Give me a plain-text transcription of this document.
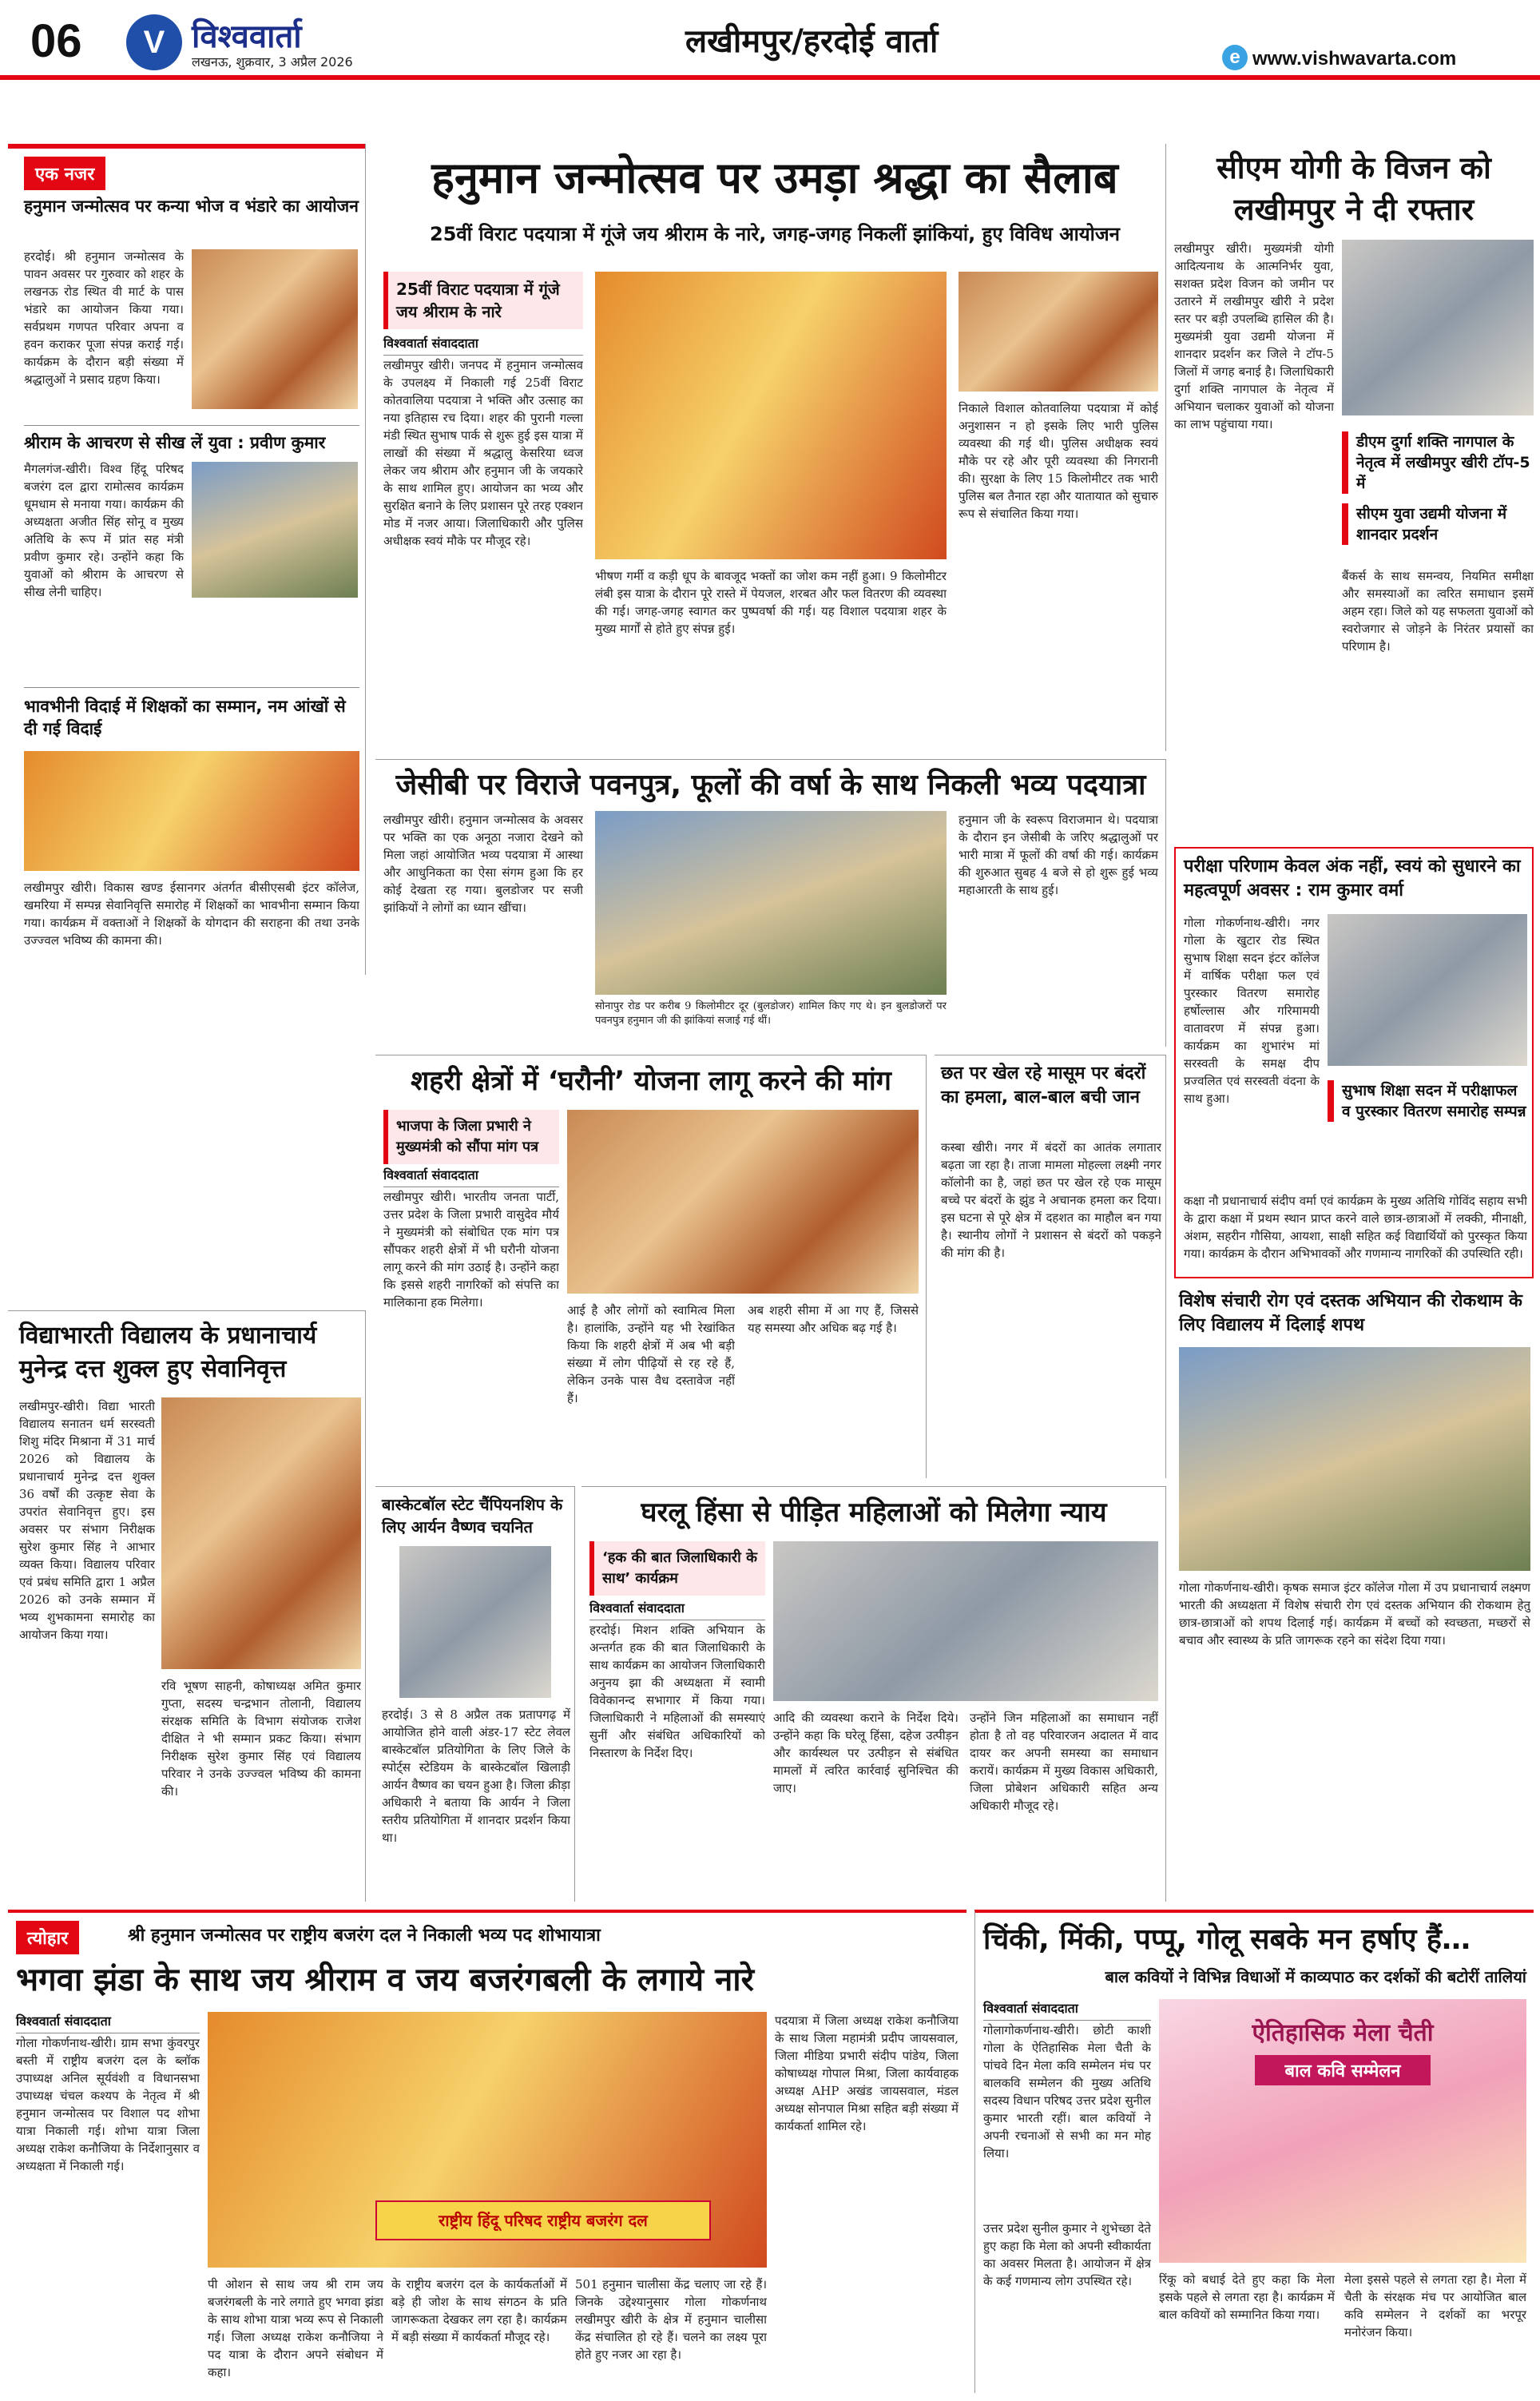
06	V विश्ववार्ता
लखनऊ, शुक्रवार, 3 अप्रैल 2026
लखीमपुर/हरदोई वार्ता	e www.vishwavarta.com
एक नजर
हनुमान जन्मोत्सव पर कन्या भोज व भंडारे का आयोजन
हरदोई। श्री हनुमान जन्मोत्सव के पावन अवसर पर गुरुवार को शहर के लखनऊ रोड स्थित वी मार्ट के पास भंडारे का आयोजन किया गया। सर्वप्रथम गणपत परिवार अपना व हवन कराकर पूजा संपन्न कराई गई। कार्यक्रम के दौरान बड़ी संख्या में श्रद्धालुओं ने प्रसाद ग्रहण किया।
श्रीराम के आचरण से सीख लें युवा : प्रवीण कुमार
मैगलगंज-खीरी। विश्व हिंदू परिषद बजरंग दल द्वारा रामोत्सव कार्यक्रम धूमधाम से मनाया गया। कार्यक्रम की अध्यक्षता अजीत सिंह सोनू व मुख्य अतिथि के रूप में प्रांत सह मंत्री प्रवीण कुमार रहे। उन्होंने कहा कि युवाओं को श्रीराम के आचरण से सीख लेनी चाहिए।
भावभीनी विदाई में शिक्षकों का सम्मान, नम आंखों से दी गई विदाई
लखीमपुर खीरी। विकास खण्ड ईसानगर अंतर्गत बीसीएसबी इंटर कॉलेज, खमरिया में सम्पन्न सेवानिवृत्ति समारोह में शिक्षकों का भावभीना सम्मान किया गया। कार्यक्रम में वक्ताओं ने शिक्षकों के योगदान की सराहना की तथा उनके उज्ज्वल भविष्य की कामना की।
हनुमान जन्मोत्सव पर उमड़ा श्रद्धा का सैलाब
25वीं विराट पदयात्रा में गूंजे जय श्रीराम के नारे, जगह-जगह निकलीं झांकियां, हुए विविध आयोजन
25वीं विराट पदयात्रा में गूंजे जय श्रीराम के नारे
विश्ववार्ता संवाददाता
लखीमपुर खीरी। जनपद में हनुमान जन्मोत्सव के उपलक्ष्य में निकाली गई 25वीं विराट कोतवालिया पदयात्रा ने भक्ति और उत्साह का नया इतिहास रच दिया। शहर की पुरानी गल्ला मंडी स्थित सुभाष पार्क से शुरू हुई इस यात्रा में लाखों की संख्या में श्रद्धालु केसरिया ध्वज लेकर जय श्रीराम और हनुमान जी के जयकारे के साथ शामिल हुए। आयोजन का भव्य और सुरक्षित बनाने के लिए प्रशासन पूरे तरह एक्शन मोड में नजर आया। जिलाधिकारी और पुलिस अधीक्षक स्वयं मौके पर मौजूद रहे।
भीषण गर्मी व कड़ी धूप के बावजूद भक्तों का जोश कम नहीं हुआ। 9 किलोमीटर लंबी इस यात्रा के दौरान पूरे रास्ते में पेयजल, शरबत और फल वितरण की व्यवस्था की गई। जगह-जगह स्वागत कर पुष्पवर्षा की गई। यह विशाल पदयात्रा शहर के मुख्य मार्गों से होते हुए संपन्न हुई।
निकाले विशाल कोतवालिया पदयात्रा में कोई अनुशासन न हो इसके लिए भारी पुलिस व्यवस्था की गई थी। पुलिस अधीक्षक स्वयं मौके पर रहे और पूरी व्यवस्था की निगरानी की। सुरक्षा के लिए 15 किलोमीटर तक भारी पुलिस बल तैनात रहा और यातायात को सुचारु रूप से संचालित किया गया।
सीएम योगी के विजन को लखीमपुर ने दी रफ्तार
लखीमपुर खीरी। मुख्यमंत्री योगी आदित्यनाथ के आत्मनिर्भर युवा, सशक्त प्रदेश विजन को जमीन पर उतारने में लखीमपुर खीरी ने प्रदेश स्तर पर बड़ी उपलब्धि हासिल की है। मुख्यमंत्री युवा उद्यमी योजना में शानदार प्रदर्शन कर जिले ने टॉप-5 जिलों में जगह बनाई है। जिलाधिकारी दुर्गा शक्ति नागपाल के नेतृत्व में अभियान चलाकर युवाओं को योजना का लाभ पहुंचाया गया।
डीएम दुर्गा शक्ति नागपाल के नेतृत्व में लखीमपुर खीरी टॉप-5 में
सीएम युवा उद्यमी योजना में शानदार प्रदर्शन
बैंकर्स के साथ समन्वय, नियमित समीक्षा और समस्याओं का त्वरित समाधान इसमें अहम रहा। जिले को यह सफलता युवाओं को स्वरोजगार से जोड़ने के निरंतर प्रयासों का परिणाम है।
जेसीबी पर विराजे पवनपुत्र, फूलों की वर्षा के साथ निकली भव्य पदयात्रा
लखीमपुर खीरी। हनुमान जन्मोत्सव के अवसर पर भक्ति का एक अनूठा नजारा देखने को मिला जहां आयोजित भव्य पदयात्रा में आस्था और आधुनिकता का ऐसा संगम हुआ कि हर कोई देखता रह गया। बुलडोजर पर सजी झांकियों ने लोगों का ध्यान खींचा।
सोनापुर रोड पर करीब 9 किलोमीटर दूर (बुलडोजर) शामिल किए गए थे। इन बुलडोजरों पर पवनपुत्र हनुमान जी की झांकियां सजाई गई थीं।
हनुमान जी के स्वरूप विराजमान थे। पदयात्रा के दौरान इन जेसीबी के जरिए श्रद्धालुओं पर भारी मात्रा में फूलों की वर्षा की गई। कार्यक्रम की शुरुआत सुबह 4 बजे से हो शुरू हुई भव्य महाआरती के साथ हुई।
शहरी क्षेत्रों में ‘घरौनी’ योजना लागू करने की मांग
भाजपा के जिला प्रभारी ने मुख्यमंत्री को सौंपा मांग पत्र
विश्ववार्ता संवाददाता
लखीमपुर खीरी। भारतीय जनता पार्टी, उत्तर प्रदेश के जिला प्रभारी वासुदेव मौर्य ने मुख्यमंत्री को संबोधित एक मांग पत्र सौंपकर शहरी क्षेत्रों में भी घरौनी योजना लागू करने की मांग उठाई है। उन्होंने कहा कि इससे शहरी नागरिकों को संपत्ति का मालिकाना हक मिलेगा।
आई है और लोगों को स्वामित्व मिला है। हालांकि, उन्होंने यह भी रेखांकित किया कि शहरी क्षेत्रों में अब भी बड़ी संख्या में लोग पीढ़ियों से रह रहे हैं, लेकिन उनके पास वैध दस्तावेज नहीं हैं।
अब शहरी सीमा में आ गए हैं, जिससे यह समस्या और अधिक बढ़ गई है।
छत पर खेल रहे मासूम पर बंदरों का हमला, बाल-बाल बची जान
कस्बा खीरी। नगर में बंदरों का आतंक लगातार बढ़ता जा रहा है। ताजा मामला मोहल्ला लक्ष्मी नगर कॉलोनी का है, जहां छत पर खेल रहे एक मासूम बच्चे पर बंदरों के झुंड ने अचानक हमला कर दिया। इस घटना से पूरे क्षेत्र में दहशत का माहौल बन गया है। स्थानीय लोगों ने प्रशासन से बंदरों को पकड़ने की मांग की है।
परीक्षा परिणाम केवल अंक नहीं, स्वयं को सुधारने का महत्वपूर्ण अवसर : राम कुमार वर्मा
गोला गोकर्णनाथ-खीरी। नगर गोला के खुटार रोड स्थित सुभाष शिक्षा सदन इंटर कॉलेज में वार्षिक परीक्षा फल एवं पुरस्कार वितरण समारोह हर्षोल्लास और गरिमामयी वातावरण में संपन्न हुआ। कार्यक्रम का शुभारंभ मां सरस्वती के समक्ष दीप प्रज्वलित एवं सरस्वती वंदना के साथ हुआ।	सुभाष शिक्षा सदन में परीक्षाफल व पुरस्कार वितरण समारोह सम्पन्न
कक्षा नौ प्रधानाचार्य संदीप वर्मा एवं कार्यक्रम के मुख्य अतिथि गोविंद सहाय सभी के द्वारा कक्षा में प्रथम स्थान प्राप्त करने वाले छात्र-छात्राओं में लक्की, मीनाक्षी, अंशम, सहरीन गौसिया, आयशा, साक्षी सहित कई विद्यार्थियों को पुरस्कृत किया गया। कार्यक्रम के दौरान अभिभावकों और गणमान्य नागरिकों की उपस्थिति रही।
विशेष संचारी रोग एवं दस्तक अभियान की रोकथाम के लिए विद्यालय में दिलाई शपथ
गोला गोकर्णनाथ-खीरी। कृषक समाज इंटर कॉलेज गोला में उप प्रधानाचार्य लक्ष्मण भारती की अध्यक्षता में विशेष संचारी रोग एवं दस्तक अभियान की रोकथाम हेतु छात्र-छात्राओं को शपथ दिलाई गई। कार्यक्रम में बच्चों को स्वच्छता, मच्छरों से बचाव और स्वास्थ्य के प्रति जागरूक रहने का संदेश दिया गया।
विद्याभारती विद्यालय के प्रधानाचार्य मुनेन्द्र दत्त शुक्ल हुए सेवानिवृत्त
लखीमपुर-खीरी। विद्या भारती विद्यालय सनातन धर्म सरस्वती शिशु मंदिर मिश्राना में 31 मार्च 2026 को विद्यालय के प्रधानाचार्य मुनेन्द्र दत्त शुक्ल 36 वर्षों की उत्कृष्ट सेवा के उपरांत सेवानिवृत्त हुए। इस अवसर पर संभाग निरीक्षक सुरेश कुमार सिंह ने आभार व्यक्त किया। विद्यालय परिवार एवं प्रबंध समिति द्वारा 1 अप्रैल 2026 को उनके सम्मान में भव्य शुभकामना समारोह का आयोजन किया गया।
रवि भूषण साहनी, कोषाध्यक्ष अमित कुमार गुप्ता, सदस्य चन्द्रभान तोलानी, विद्यालय संरक्षक समिति के विभाग संयोजक राजेश दीक्षित ने भी सम्मान प्रकट किया। संभाग निरीक्षक सुरेश कुमार सिंह एवं विद्यालय परिवार ने उनके उज्ज्वल भविष्य की कामना की।
बास्केटबॉल स्टेट चैंपियनशिप के लिए आर्यन वैष्णव चयनित
हरदोई। 3 से 8 अप्रैल तक प्रतापगढ़ में आयोजित होने वाली अंडर-17 स्टेट लेवल बास्केटबॉल प्रतियोगिता के लिए जिले के स्पोर्ट्स स्टेडियम के बास्केटबॉल खिलाड़ी आर्यन वैष्णव का चयन हुआ है। जिला क्रीड़ा अधिकारी ने बताया कि आर्यन ने जिला स्तरीय प्रतियोगिता में शानदार प्रदर्शन किया था।
घरलू हिंसा से पीड़ित महिलाओं को मिलेगा न्याय
‘हक की बात जिलाधिकारी के साथ’ कार्यक्रम
विश्ववार्ता संवाददाता
हरदोई। मिशन शक्ति अभियान के अन्तर्गत हक की बात जिलाधिकारी के साथ कार्यक्रम का आयोजन जिलाधिकारी अनुनय झा की अध्यक्षता में स्वामी विवेकानन्द सभागार में किया गया। जिलाधिकारी ने महिलाओं की समस्याएं सुनीं और संबंधित अधिकारियों को निस्तारण के निर्देश दिए।
आदि की व्यवस्था कराने के निर्देश दिये। उन्होंने कहा कि घरेलू हिंसा, दहेज उत्पीड़न और कार्यस्थल पर उत्पीड़न से संबंधित मामलों में त्वरित कार्रवाई सुनिश्चित की जाए।
उन्होंने जिन महिलाओं का समाधान नहीं होता है तो वह परिवारजन अदालत में वाद दायर कर अपनी समस्या का समाधान करायें। कार्यक्रम में मुख्य विकास अधिकारी, जिला प्रोबेशन अधिकारी सहित अन्य अधिकारी मौजूद रहे।
त्योहार	श्री हनुमान जन्मोत्सव पर राष्ट्रीय बजरंग दल ने निकाली भव्य पद शोभायात्रा
भगवा झंडा के साथ जय श्रीराम व जय बजरंगबली के लगाये नारे
विश्ववार्ता संवाददाता
गोला गोकर्णनाथ-खीरी। ग्राम सभा कुंवरपुर बस्ती में राष्ट्रीय बजरंग दल के ब्लॉक उपाध्यक्ष अनिल सूर्यवंशी व विधानसभा उपाध्यक्ष चंचल कश्यप के नेतृत्व में श्री हनुमान जन्मोत्सव पर विशाल पद शोभा यात्रा निकाली गई। शोभा यात्रा जिला अध्यक्ष राकेश कनौजिया के निर्देशानुसार व अध्यक्षता में निकाली गई।
राष्ट्रीय हिंदू परिषद राष्ट्रीय बजरंग दल
पी ओशन से साथ जय श्री राम जय बजरंगबली के नारे लगाते हुए भगवा झंडा के साथ शोभा यात्रा भव्य रूप से निकाली गई। जिला अध्यक्ष राकेश कनौजिया ने पद यात्रा के दौरान अपने संबोधन में कहा।
के राष्ट्रीय बजरंग दल के कार्यकर्ताओं में बड़े ही जोश के साथ संगठन के प्रति जागरूकता देखकर लग रहा है। कार्यक्रम में बड़ी संख्या में कार्यकर्ता मौजूद रहे।
501 हनुमान चालीसा केंद्र चलाए जा रहे हैं। जिनके उद्देश्यानुसार गोला गोकर्णनाथ लखीमपुर खीरी के क्षेत्र में हनुमान चालीसा केंद्र संचालित हो रहे हैं। चलने का लक्ष्य पूरा होते हुए नजर आ रहा है।
पदयात्रा में जिला अध्यक्ष राकेश कनौजिया के साथ जिला महामंत्री प्रदीप जायसवाल, जिला मीडिया प्रभारी संदीप पांडेय, जिला कोषाध्यक्ष गोपाल मिश्रा, जिला कार्यवाहक अध्यक्ष AHP अखंड जायसवाल, मंडल अध्यक्ष सोनपाल मिश्रा सहित बड़ी संख्या में कार्यकर्ता शामिल रहे।
चिंकी, मिंकी, पप्पू, गोलू सबके मन हर्षाए हैं…
बाल कवियों ने विभिन्न विधाओं में काव्यपाठ कर दर्शकों की बटोरीं तालियां
विश्ववार्ता संवाददाता
गोलागोकर्णनाथ-खीरी। छोटी काशी गोला के ऐतिहासिक मेला चैती के पांचवे दिन मेला कवि सम्मेलन मंच पर बालकवि सम्मेलन की मुख्य अतिथि सदस्य विधान परिषद उत्तर प्रदेश सुनील कुमार भारती रहीं। बाल कवियों ने अपनी रचनाओं से सभी का मन मोह लिया।
उत्तर प्रदेश सुनील कुमार ने शुभेच्छा देते हुए कहा कि मेला को अपनी स्वीकार्यता का अवसर मिलता है। आयोजन में क्षेत्र के कई गणमान्य लोग उपस्थित रहे।
ऐतिहासिक मेला चैती
बाल कवि सम्मेलन
रिंकू को बधाई देते हुए कहा कि मेला इसके पहले से लगता रहा है। कार्यक्रम में बाल कवियों को सम्मानित किया गया।
मेला इससे पहले से लगता रहा है। मेला में चैती के संरक्षक मंच पर आयोजित बाल कवि सम्मेलन ने दर्शकों का भरपूर मनोरंजन किया।
